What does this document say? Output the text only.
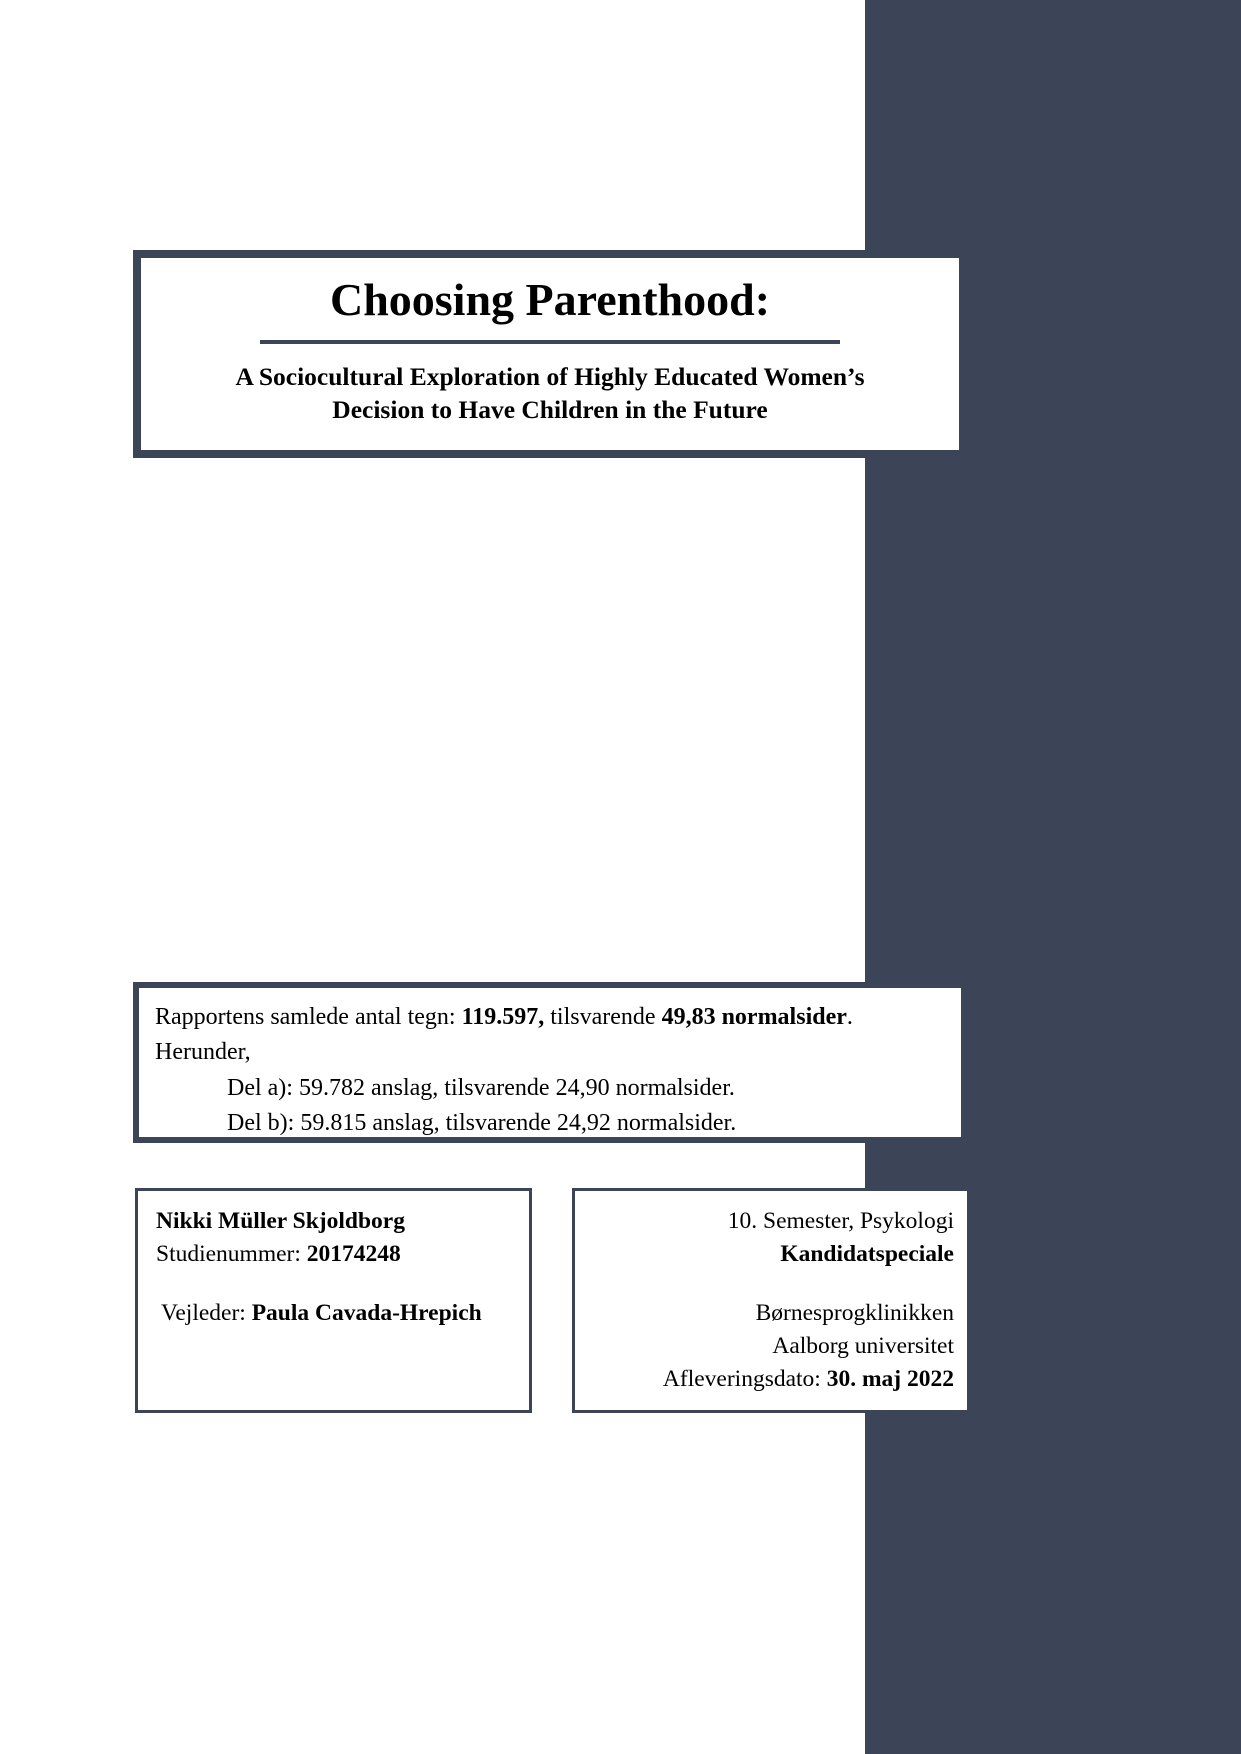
Choosing Parenthood:
A Sociocultural Exploration of Highly Educated Women’s
Decision to Have Children in the Future
Rapportens samlede antal tegn: 119.597, tilsvarende 49,83 normalsider.
Herunder,
Del a): 59.782 anslag, tilsvarende 24,90 normalsider.
Del b): 59.815 anslag, tilsvarende 24,92 normalsider.
Nikki Müller Skjoldborg
Studienummer: 20174248
Vejleder: Paula Cavada-Hrepich
10. Semester, Psykologi
Kandidatspeciale
Børnesprogklinikken
Aalborg universitet
Afleveringsdato: 30. maj 2022
